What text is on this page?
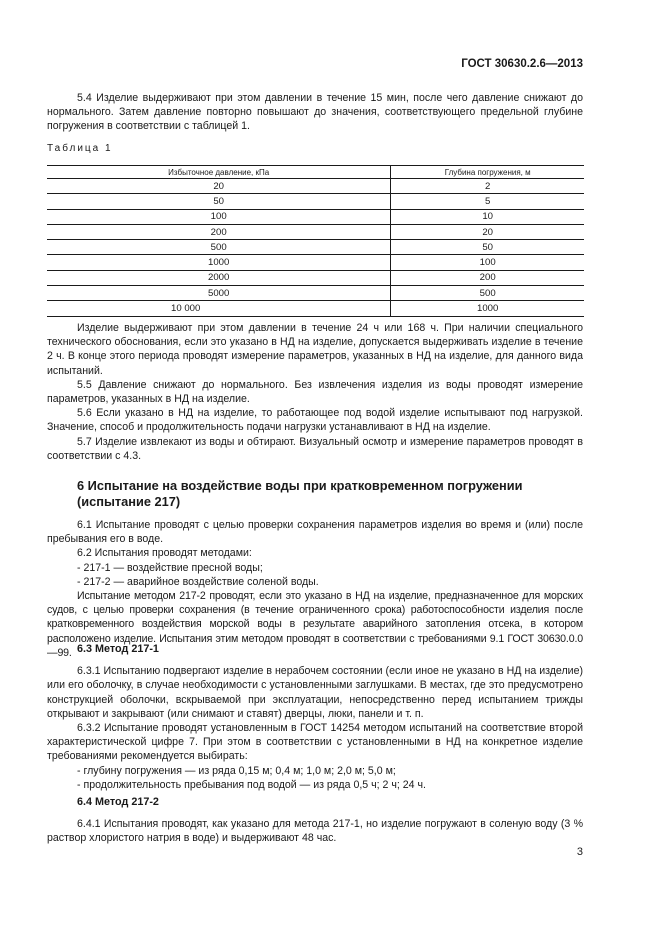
ГОСТ 30630.2.6—2013

5.4 Изделие выдерживают при этом давлении в течение 15 мин, после чего давление снижают до нормального. Затем давление повторно повышают до значения, соответствующего предельной глубине погружения в соответствии с таблицей 1.

Таблица 1
Избыточное давление, кПа	Глубина погружения, м
20	2
50	5
100	10
200	20
500	50
1000	100
2000	200
5000	500
10 000	1000

Изделие выдерживают при этом давлении в течение 24 ч или 168 ч. При наличии специального технического обоснования, если это указано в НД на изделие, допускается выдерживать изделие в течение 2 ч. В конце этого периода проводят измерение параметров, указанных в НД на изделие, для данного вида испытаний.

5.5 Давление снижают до нормального. Без извлечения изделия из воды проводят измерение параметров, указанных в НД на изделие.

5.6 Если указано в НД на изделие, то работающее под водой изделие испытывают под нагрузкой. Значение, способ и продолжительность подачи нагрузки устанавливают в НД на изделие.

5.7 Изделие извлекают из воды и обтирают. Визуальный осмотр и измерение параметров проводят в соответствии с 4.3.

6 Испытание на воздействие воды при кратковременном погружении (испытание 217)

6.1 Испытание проводят с целью проверки сохранения параметров изделия во время и (или) после пребывания его в воде.

6.2 Испытания проводят методами:

- 217-1 — воздействие пресной воды;

- 217-2 — аварийное воздействие соленой воды.

Испытание методом 217-2 проводят, если это указано в НД на изделие, предназначенное для морских судов, с целью проверки сохранения (в течение ограниченного срока) работоспособности изделия после кратковременного воздействия морской воды в результате аварийного затопления отсека, в котором расположено изделие. Испытания этим методом проводят в соответствии с требованиями 9.1 ГОСТ 30630.0.0—99. 6.3 Метод 217-1

6.3.1 Испытанию подвергают изделие в нерабочем состоянии (если иное не указано в НД на изделие) или его оболочку, в случае необходимости с установленными заглушками. В местах, где это предусмотрено конструкцией оболочки, вскрываемой при эксплуатации, непосредственно перед испытанием трижды открывают и закрывают (или снимают и ставят) дверцы, люки, панели и т. п.

6.3.2 Испытание проводят установленным в ГОСТ 14254 методом испытаний на соответствие второй характеристической цифре 7. При этом в соответствии с установленными в НД на конкретное изделие требованиями рекомендуется выбирать:

- глубину погружения — из ряда 0,15 м; 0,4 м; 1,0 м; 2,0 м; 5,0 м;

- продолжительность пребывания под водой — из ряда 0,5 ч; 2 ч; 24 ч.

6.4 Метод 217-2

6.4.1 Испытания проводят, как указано для метода 217-1, но изделие погружают в соленую воду (3 % раствор хлористого натрия в воде) и выдерживают 48 час.

3
